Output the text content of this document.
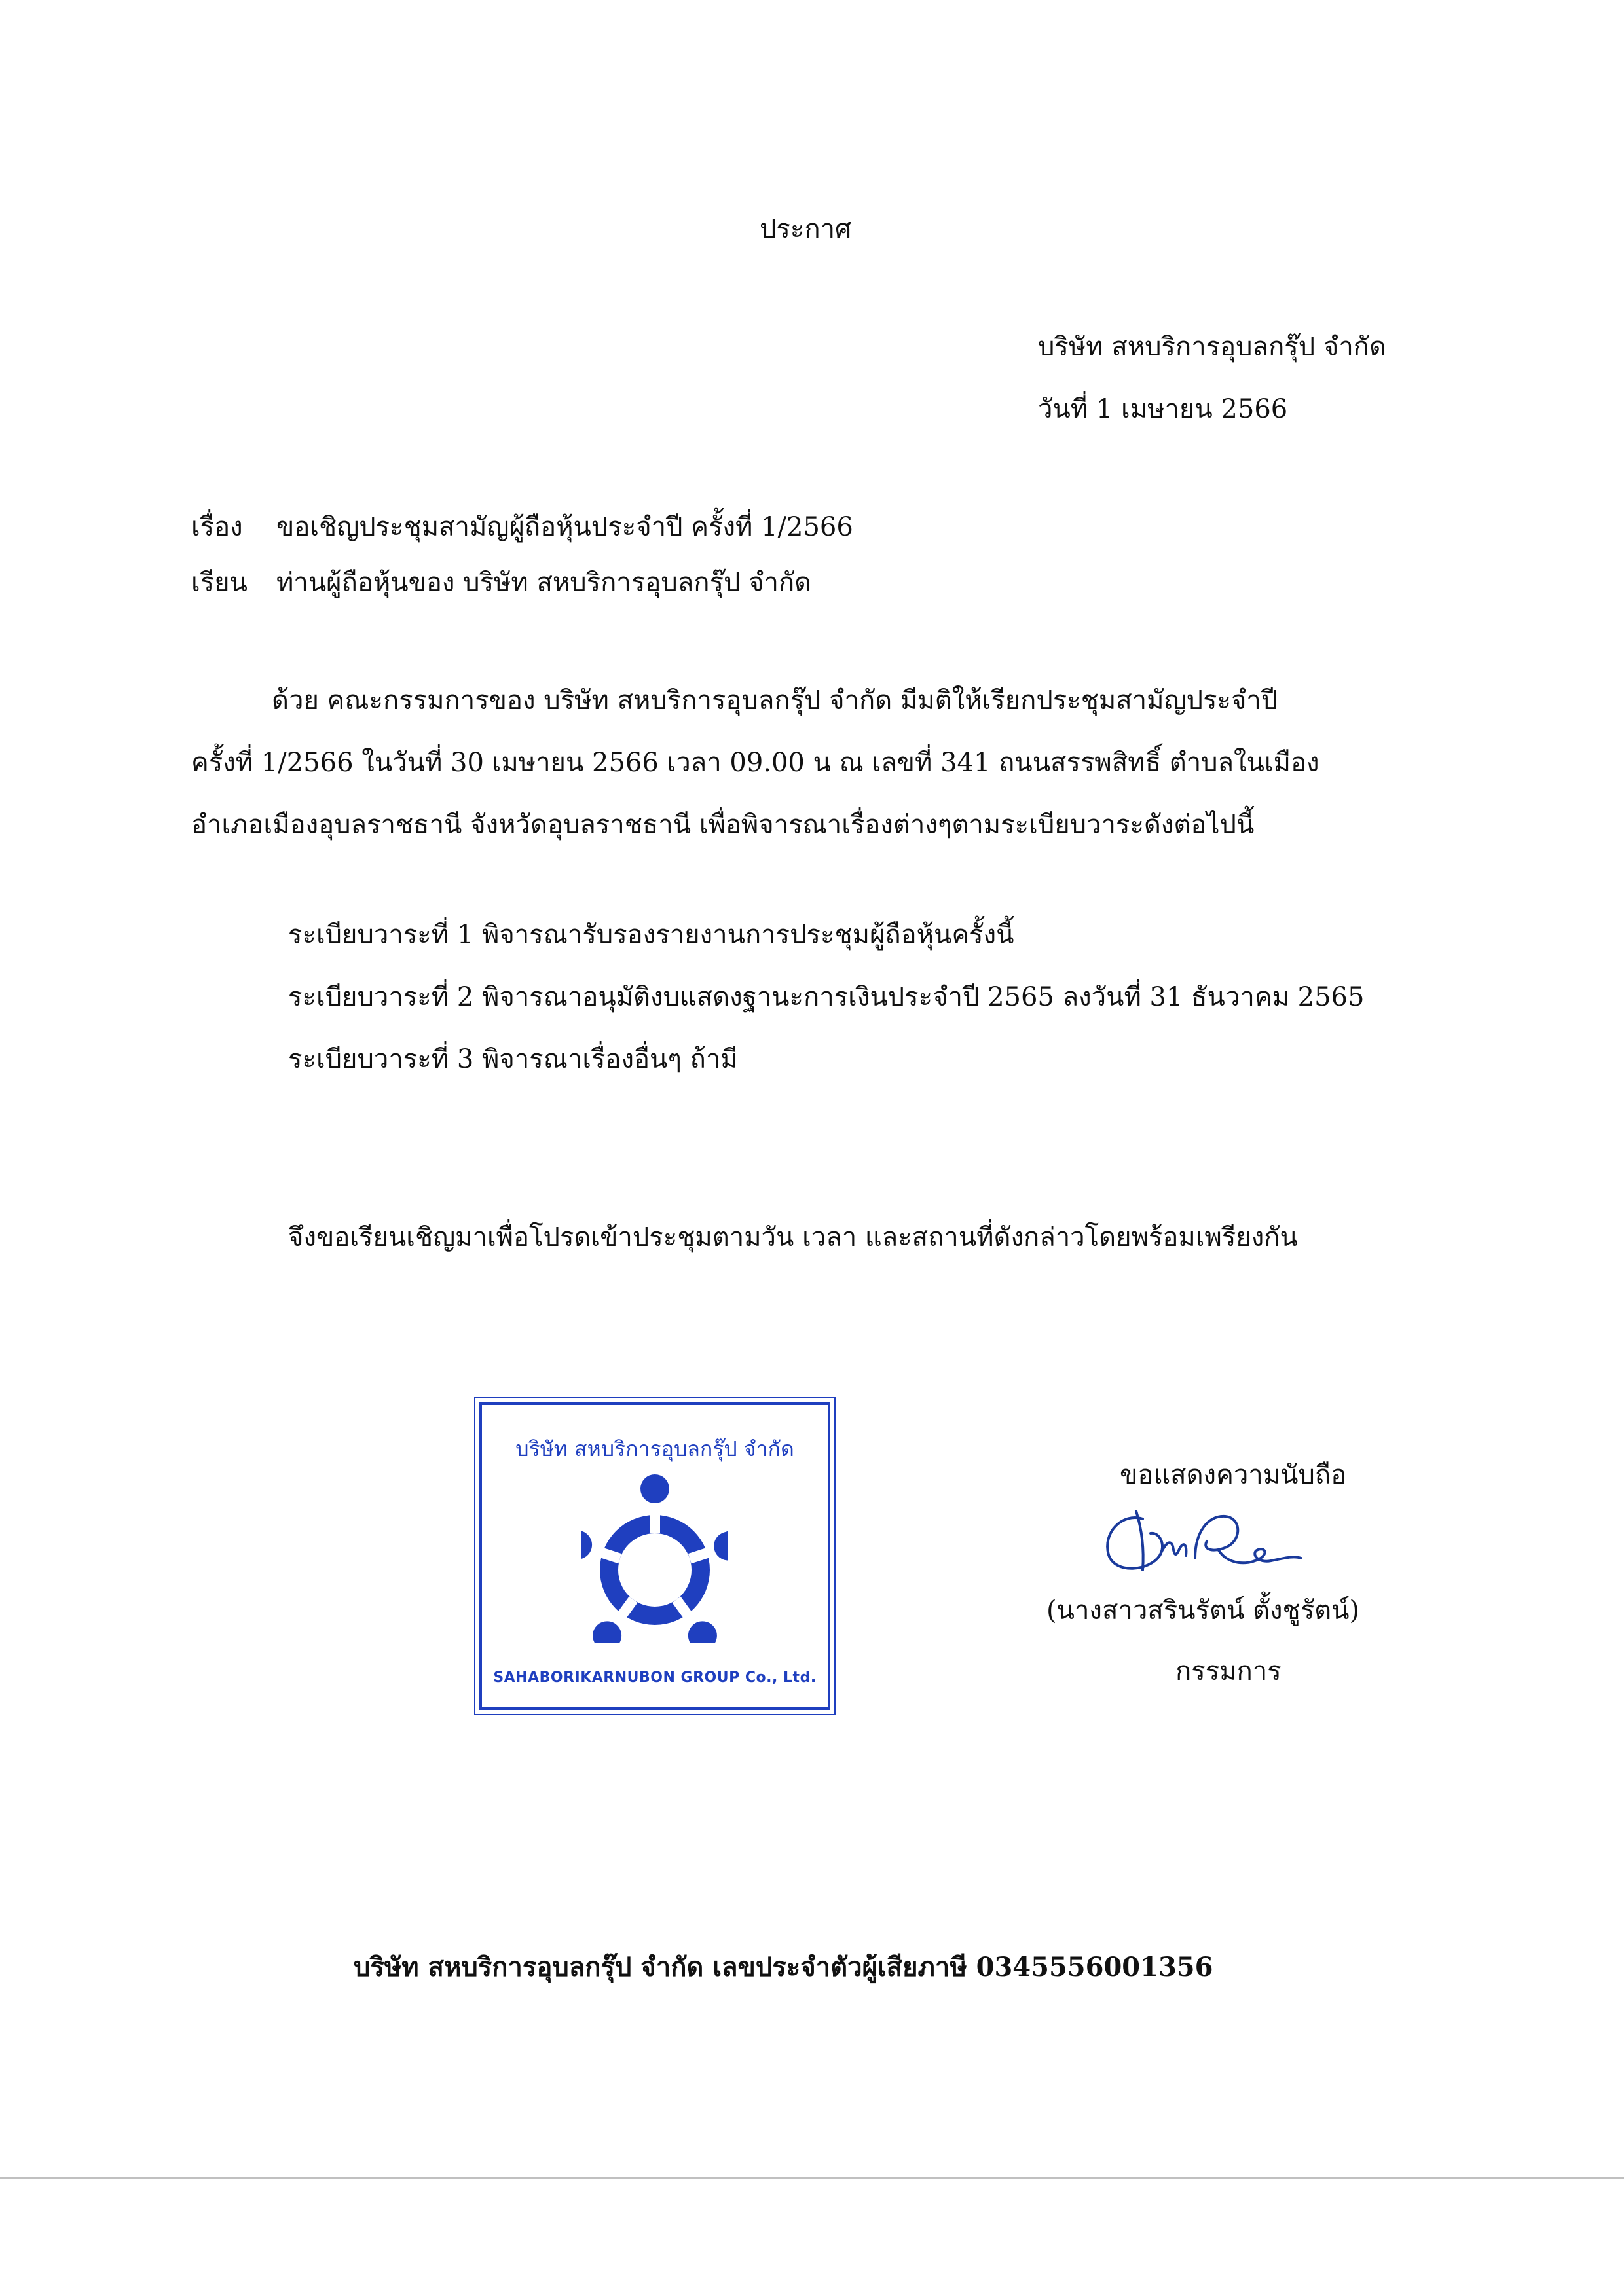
ประกาศ
บริษัท สหบริการอุบลกรุ๊ป จำกัด
วันที่ 1 เมษายน 2566
เรื่อง ขอเชิญประชุมสามัญผู้ถือหุ้นประจำปี ครั้งที่ 1/2566
เรียน ท่านผู้ถือหุ้นของ บริษัท สหบริการอุบลกรุ๊ป จำกัด
ด้วย คณะกรรมการของ บริษัท สหบริการอุบลกรุ๊ป จำกัด มีมติให้เรียกประชุมสามัญประจำปี
ครั้งที่ 1/2566 ในวันที่ 30 เมษายน 2566 เวลา 09.00 น ณ เลขที่ 341 ถนนสรรพสิทธิ์ ตำบลในเมือง
อำเภอเมืองอุบลราชธานี จังหวัดอุบลราชธานี เพื่อพิจารณาเรื่องต่างๆตามระเบียบวาระดังต่อไปนี้
ระเบียบวาระที่ 1 พิจารณารับรองรายงานการประชุมผู้ถือหุ้นครั้งนี้
ระเบียบวาระที่ 2 พิจารณาอนุมัติงบแสดงฐานะการเงินประจำปี 2565 ลงวันที่ 31 ธันวาคม 2565
ระเบียบวาระที่ 3 พิจารณาเรื่องอื่นๆ ถ้ามี
จึงขอเรียนเชิญมาเพื่อโปรดเข้าประชุมตามวัน เวลา และสถานที่ดังกล่าวโดยพร้อมเพรียงกัน
บริษัท สหบริการอุบลกรุ๊ป จำกัด
SAHABORIKARNUBON GROUP Co., Ltd.
ขอแสดงความนับถือ
(นางสาวสรินรัตน์ ตั้งชูรัตน์)
กรรมการ
บริษัท สหบริการอุบลกรุ๊ป จำกัด เลขประจำตัวผู้เสียภาษี 0345556001356
